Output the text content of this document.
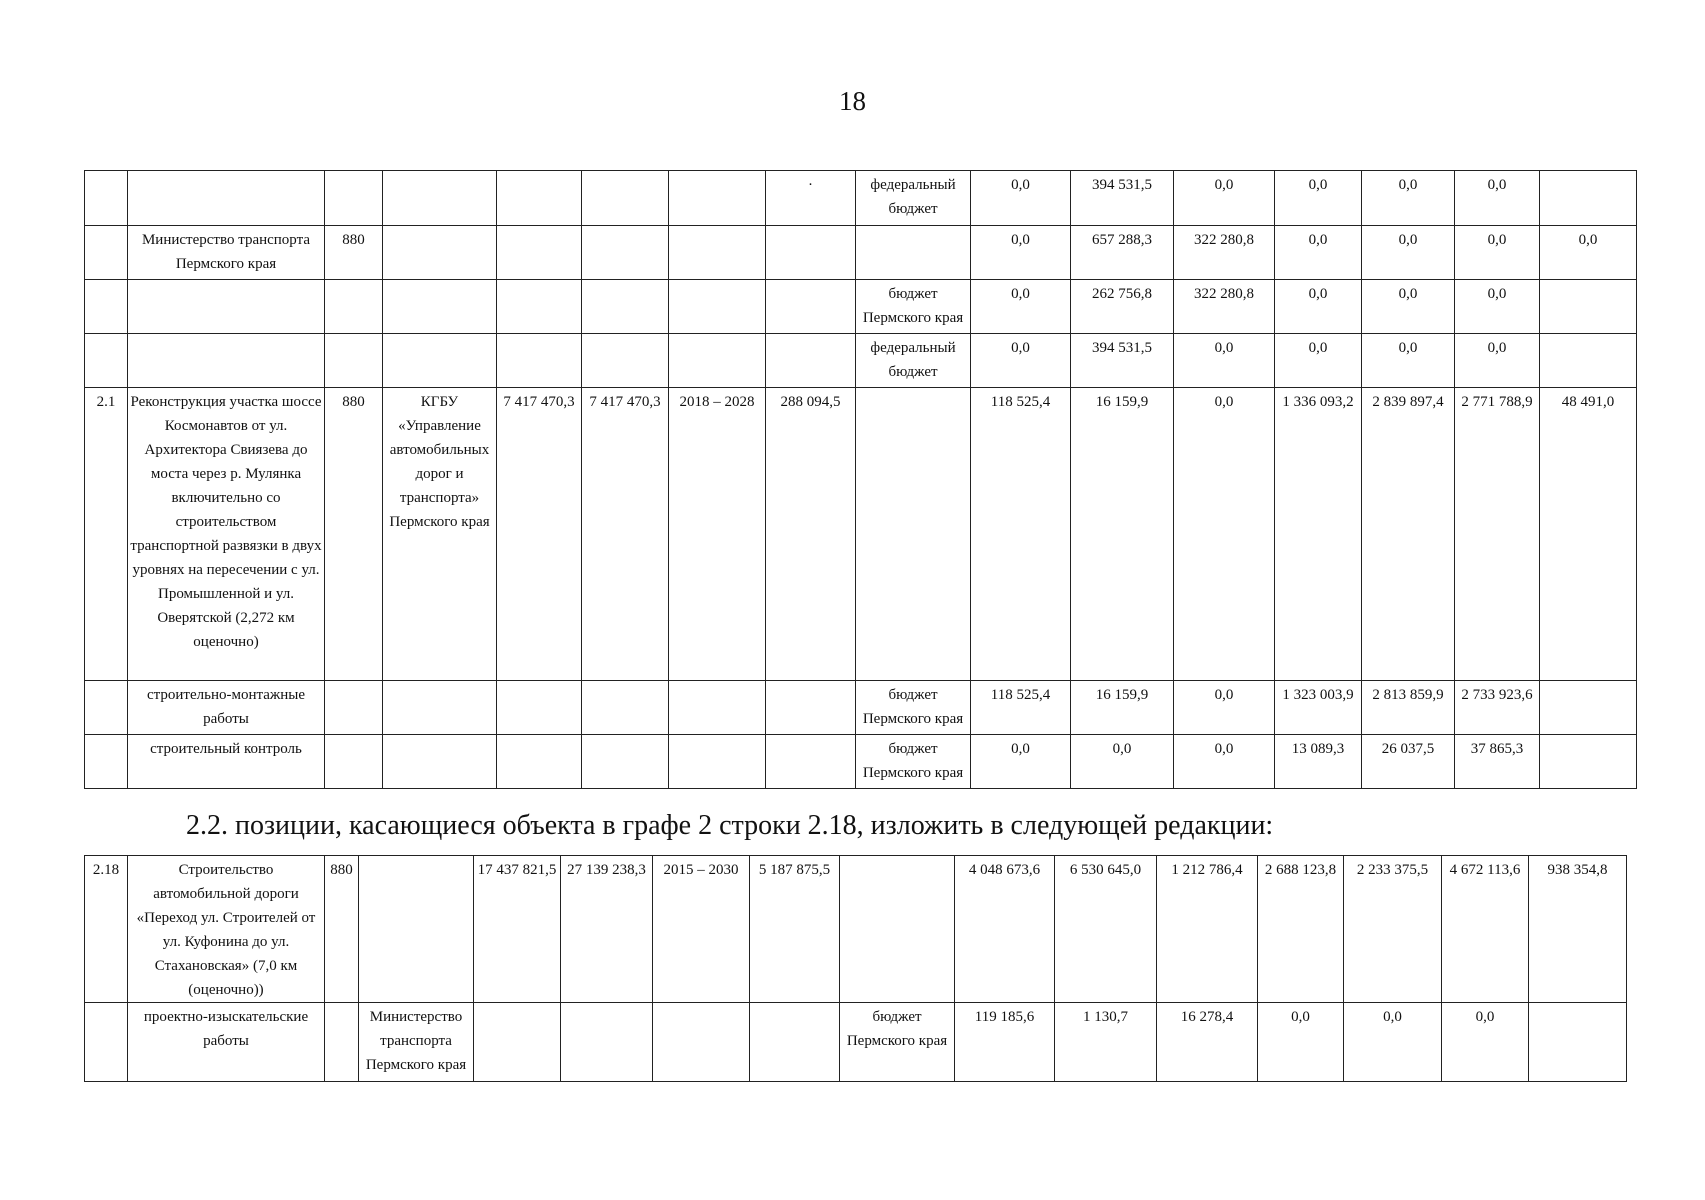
18
							·	федеральный бюджет	0,0	394 531,5	0,0	0,0	0,0	0,0	
	Министерство транспорта Пермского края	880							0,0	657 288,3	322 280,8	0,0	0,0	0,0	0,0
								бюджет Пермского края	0,0	262 756,8	322 280,8	0,0	0,0	0,0	
								федеральный бюджет	0,0	394 531,5	0,0	0,0	0,0	0,0	
2.1	Реконструкция участка шоссе Космонавтов от ул. Архитектора Свиязева до моста через р. Мулянка включительно со строительством транспортной развязки в двух уровнях на пересечении с ул. Промышленной и ул. Оверятской (2,272 км оценочно)	880	КГБУ «Управление автомобильных дорог и транспорта» Пермского края	7 417 470,3	7 417 470,3	2018 – 2028	288 094,5		118 525,4	16 159,9	0,0	1 336 093,2	2 839 897,4	2 771 788,9	48 491,0
	строительно-монтажные работы							бюджет Пермского края	118 525,4	16 159,9	0,0	1 323 003,9	2 813 859,9	2 733 923,6	
	строительный контроль							бюджет Пермского края	0,0	0,0	0,0	13 089,3	26 037,5	37 865,3	
2.2. позиции, касающиеся объекта в графе 2 строки 2.18, изложить в следующей редакции:
2.18	Строительство автомобильной дороги «Переход ул. Строителей от ул. Куфонина до ул. Стахановская» (7,0 км (оценочно))	880		17 437 821,5	27 139 238,3	2015 – 2030	5 187 875,5		4 048 673,6	6 530 645,0	1 212 786,4	2 688 123,8	2 233 375,5	4 672 113,6	938 354,8
	проектно-изыскательские работы		Министерство транспорта Пермского края					бюджет Пермского края	119 185,6	1 130,7	16 278,4	0,0	0,0	0,0	
